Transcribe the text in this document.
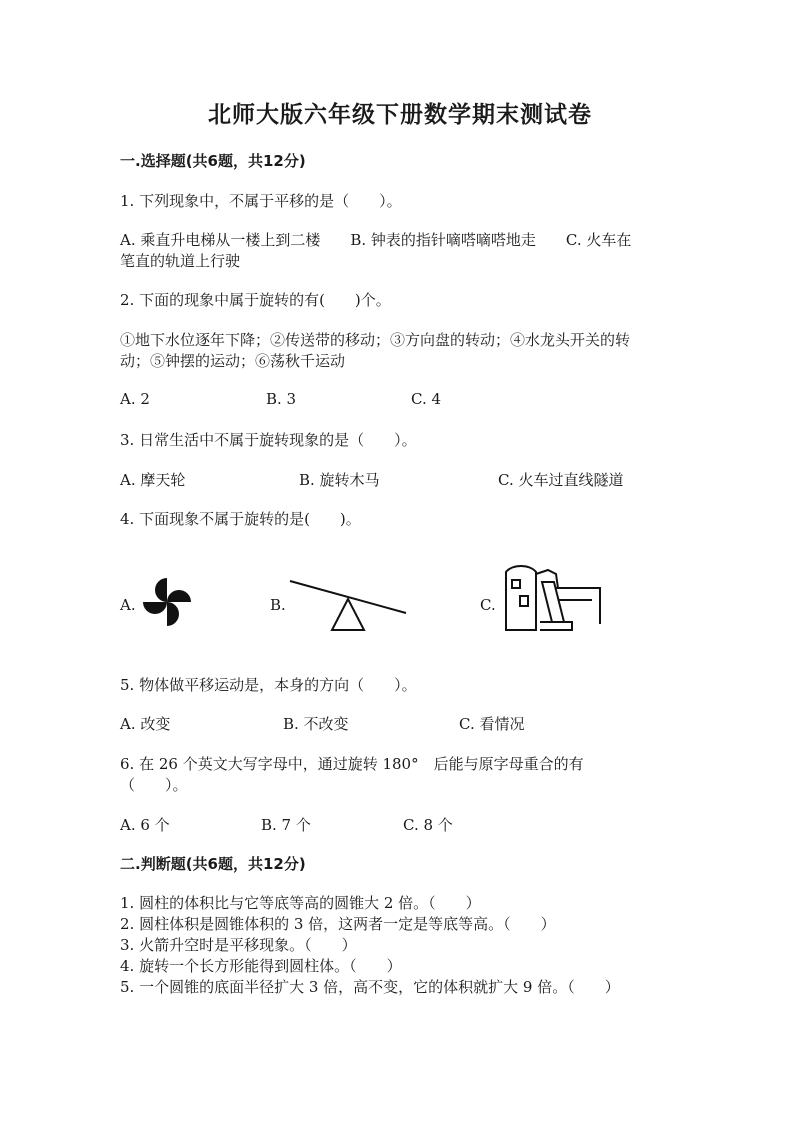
北师大版六年级下册数学期末测试卷
一.选择题(共6题，共12分)
1. 下列现象中，不属于平移的是（　　）。
A. 乘直升电梯从一楼上到二楼　　B. 钟表的指针嘀嗒嘀嗒地走　　C. 火车在
笔直的轨道上行驶
2. 下面的现象中属于旋转的有(　　)个。
①地下水位逐年下降；②传送带的移动；③方向盘的转动；④水龙头开关的转
动；⑤钟摆的运动；⑥荡秋千运动
A. 2	B. 3	C. 4
3. 日常生活中不属于旋转现象的是（　　）。
A. 摩天轮	B. 旋转木马	C. 火车过直线隧道
4. 下面现象不属于旋转的是(　　)。
A.	B.	C.
5. 物体做平移运动是，本身的方向（　　）。
A. 改变	B. 不改变	C. 看情况
6. 在 26 个英文大写字母中，通过旋转 180°　后能与原字母重合的有
（　　）。
A. 6 个	B. 7 个	C. 8 个
二.判断题(共6题，共12分)
1. 圆柱的体积比与它等底等高的圆锥大 2 倍。（　　）
2. 圆柱体积是圆锥体积的 3 倍，这两者一定是等底等高。（　　）
3. 火箭升空时是平移现象。（　　）
4. 旋转一个长方形能得到圆柱体。（　　）
5. 一个圆锥的底面半径扩大 3 倍，高不变，它的体积就扩大 9 倍。（　　）
